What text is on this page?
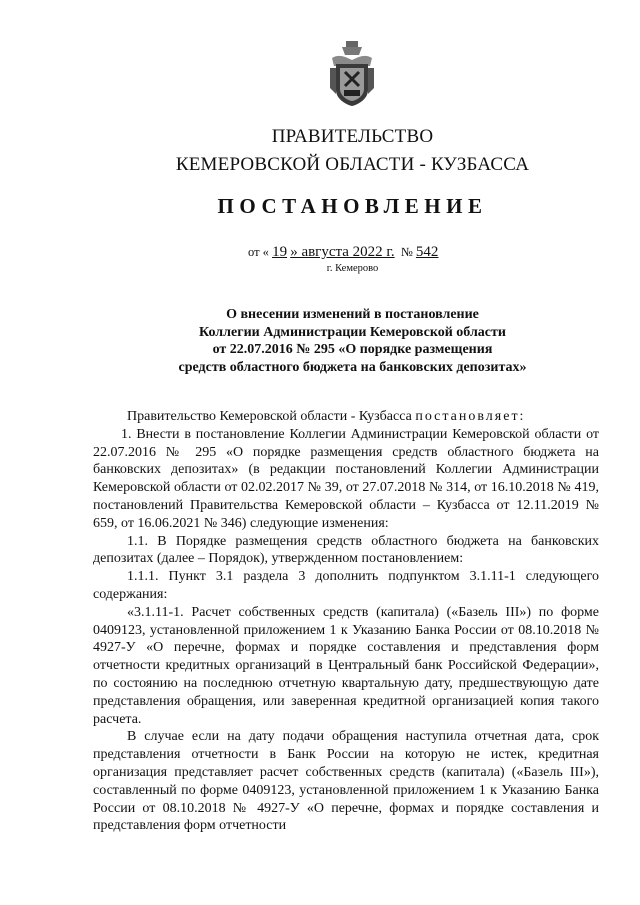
ПРАВИТЕЛЬСТВО
КЕМЕРОВСКОЙ ОБЛАСТИ - КУЗБАССА
ПОСТАНОВЛЕНИЕ
от « 19 » августа 2022 г. № 542
г. Кемерово
О внесении изменений в постановление
Коллегии Администрации Кемеровской области
от 22.07.2016 № 295 «О порядке размещения
средств областного бюджета на банковских депозитах»

Правительство Кемеровской области - Кузбасса постановляет:

1. Внести в постановление Коллегии Администрации Кемеровской области от 22.07.2016 № 295 «О порядке размещения средств областного бюджета на банковских депозитах» (в редакции постановлений Коллегии Администрации Кемеровской области от 02.02.2017 № 39, от 27.07.2018 № 314, от 16.10.2018 № 419, постановлений Правительства Кемеровской области – Кузбасса от 12.11.2019 № 659, от 16.06.2021 № 346) следующие изменения:

1.1. В Порядке размещения средств областного бюджета на банковских депозитах (далее – Порядок), утвержденном постановлением:

1.1.1. Пункт 3.1 раздела 3 дополнить подпунктом 3.1.11-1 следующего содержания:

«3.1.11-1. Расчет собственных средств (капитала) («Базель III») по форме 0409123, установленной приложением 1 к Указанию Банка России от 08.10.2018 № 4927-У «О перечне, формах и порядке составления и представления форм отчетности кредитных организаций в Центральный банк Российской Федерации», по состоянию на последнюю отчетную квартальную дату, предшествующую дате представления обращения, или заверенная кредитной организацией копия такого расчета.

В случае если на дату подачи обращения наступила отчетная дата, срок представления отчетности в Банк России на которую не истек, кредитная организация представляет расчет собственных средств (капитала) («Базель III»), составленный по форме 0409123, установленной приложением 1 к Указанию Банка России от 08.10.2018 № 4927-У «О перечне, формах и порядке составления и представления форм отчетности
